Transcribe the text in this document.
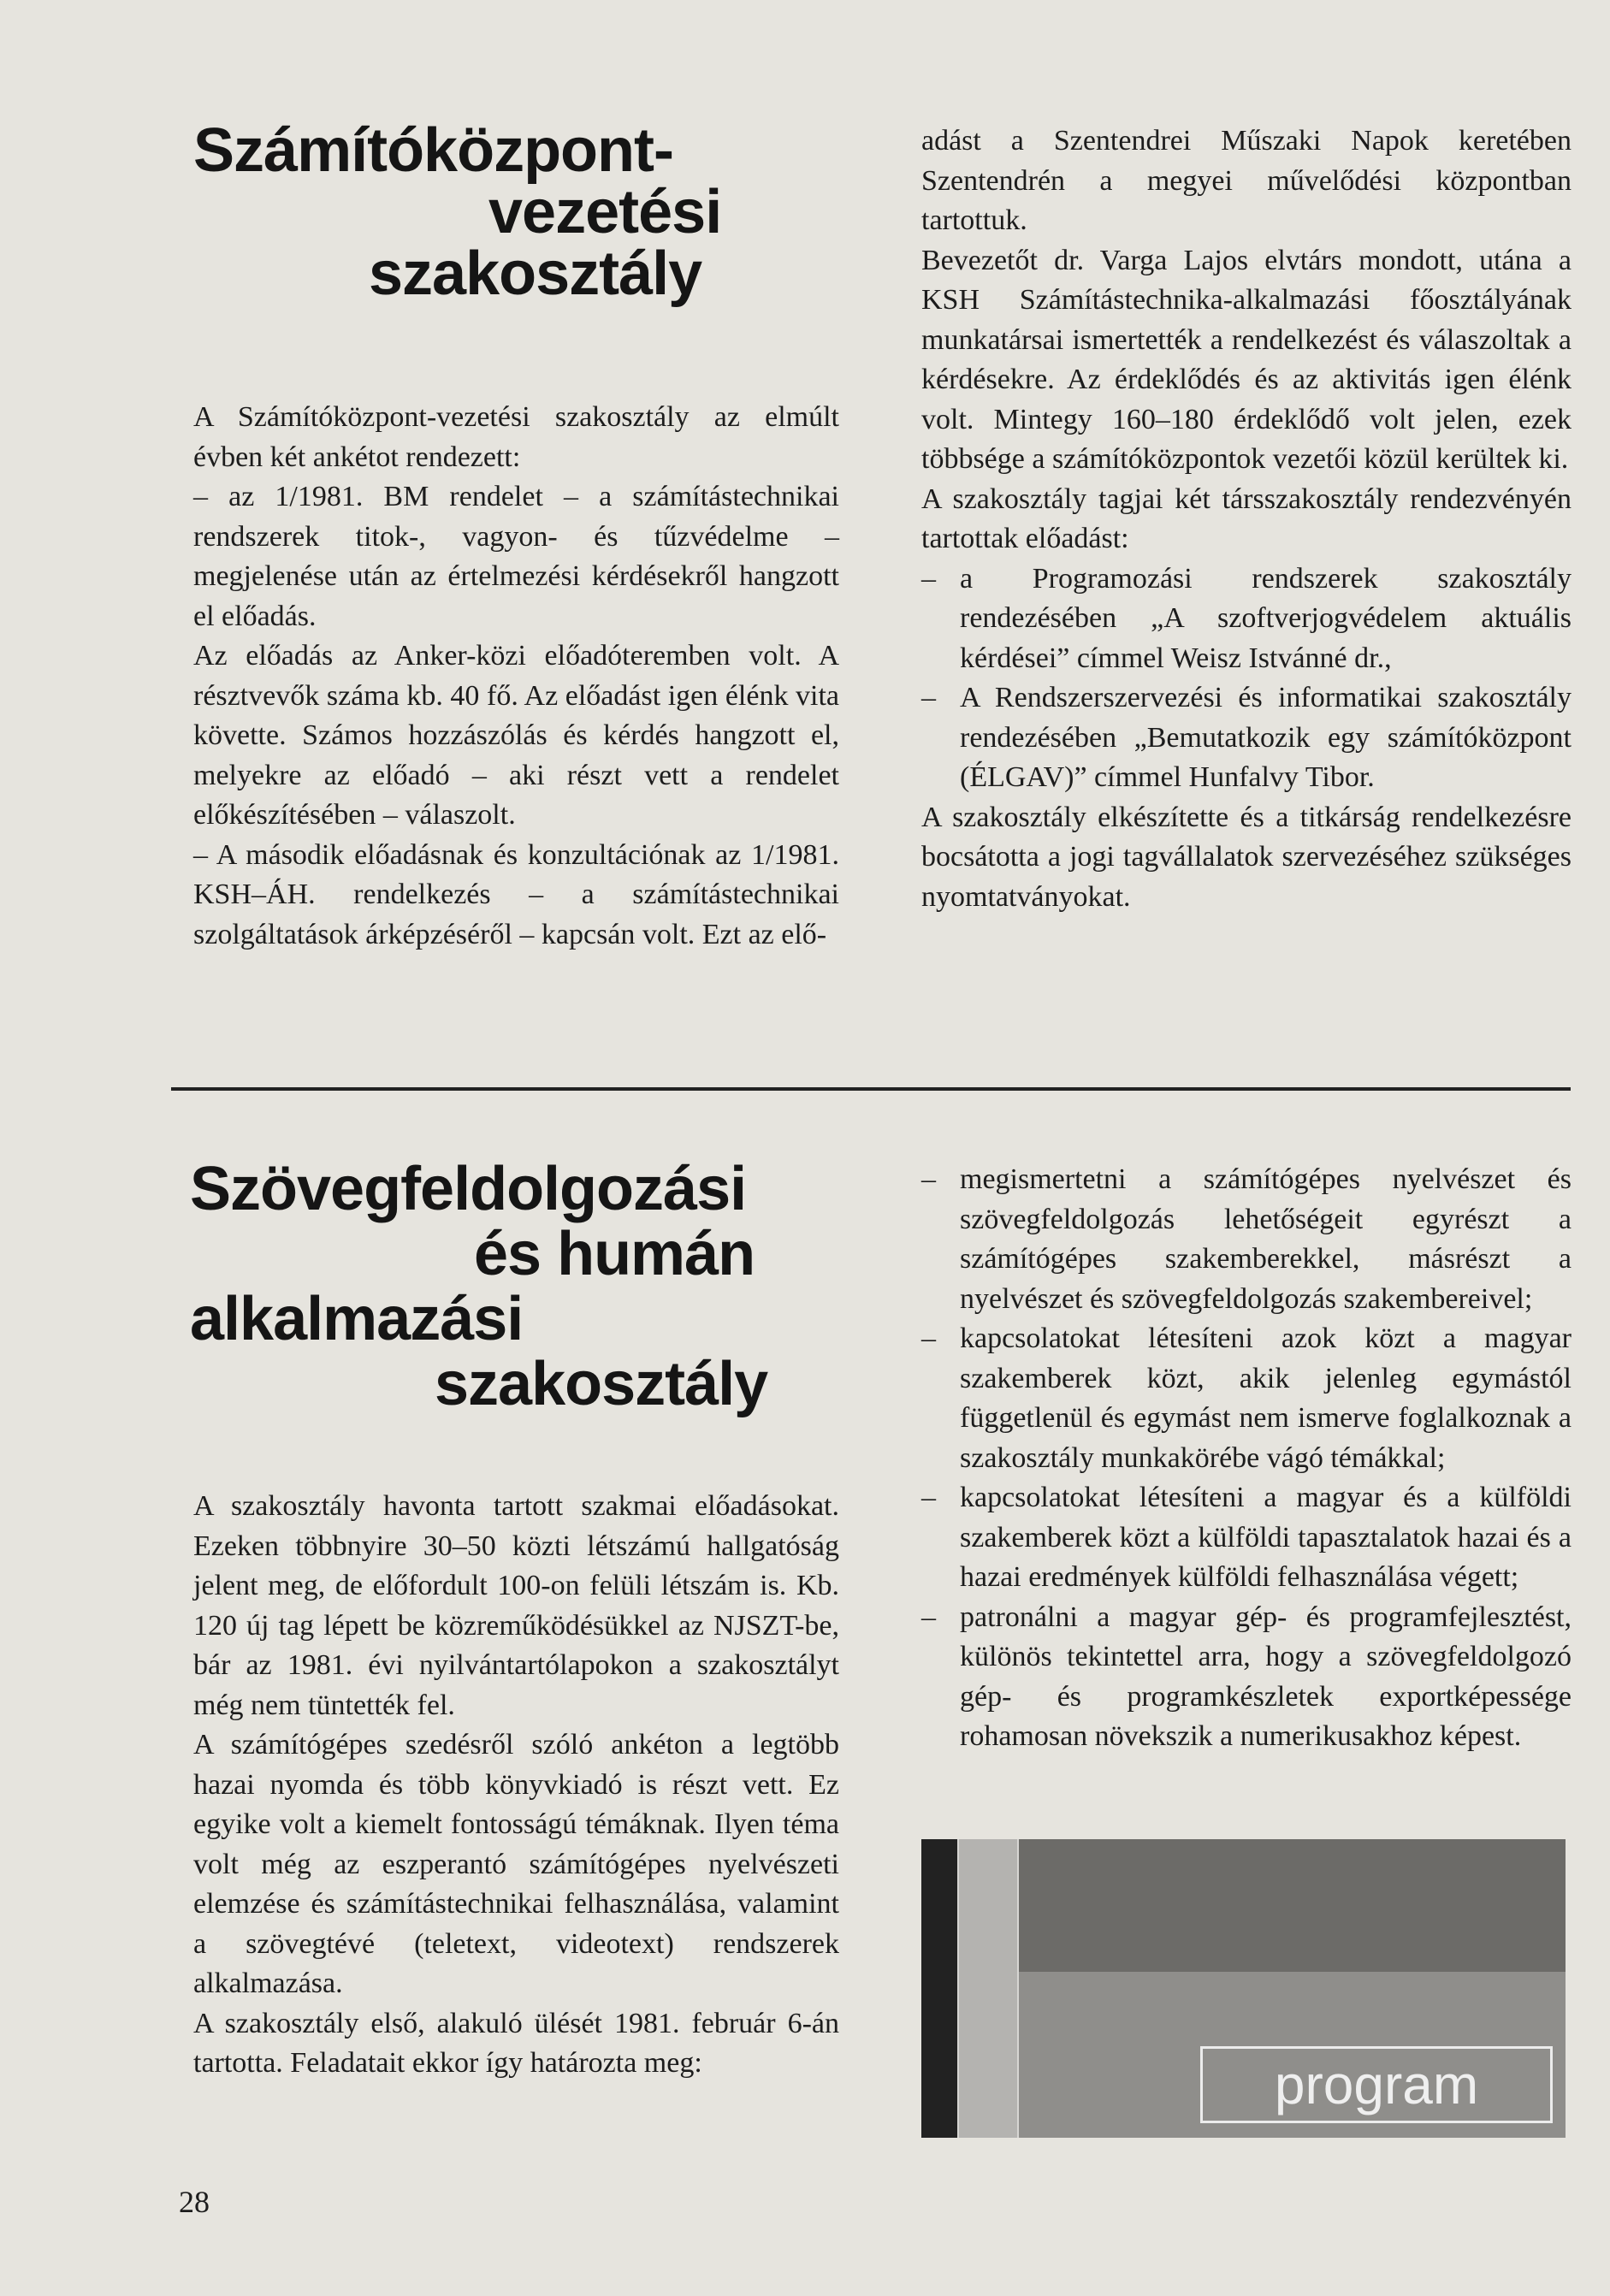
Számítóközpont-
vezetési
szakosztály

A Számítóközpont-vezetési szakosztály az elmúlt évben két ankétot rendezett:

– az 1/1981. BM rendelet – a számítástechnikai rendszerek titok-, vagyon- és tűzvédelme – megjelenése után az értelmezési kérdésekről hangzott el előadás.

Az előadás az Anker-közi előadóteremben volt. A résztvevők száma kb. 40 fő. Az előadást igen élénk vita követte. Számos hozzászólás és kérdés hangzott el, melyekre az előadó – aki részt vett a rendelet előkészítésében – válaszolt.

– A második előadásnak és konzultációnak az 1/1981. KSH–ÁH. rendelkezés – a számítástechnikai szolgáltatások árképzéséről – kapcsán volt. Ezt az elő-

adást a Szentendrei Műszaki Napok keretében Szentendrén a megyei művelődési központban tartottuk.

Bevezetőt dr. Varga Lajos elvtárs mondott, utána a KSH Számítástechnika-alkalmazási főosztályának munkatársai ismertették a rendelkezést és válaszoltak a kérdésekre. Az érdeklődés és az aktivitás igen élénk volt. Mintegy 160–180 érdeklődő volt jelen, ezek többsége a számítóközpontok vezetői közül kerültek ki.

A szakosztály tagjai két társszakosztály rendezvényén tartottak előadást:

– a Programozási rendszerek szakosztály rendezésében „A szoftverjogvédelem aktuális kérdései” címmel Weisz Istvánné dr.,

– A Rendszerszervezési és informatikai szakosztály rendezésében „Bemutatkozik egy számítóközpont (ÉLGAV)” címmel Hunfalvy Tibor.

A szakosztály elkészítette és a titkárság rendelkezésre bocsátotta a jogi tagvállalatok szervezéséhez szükséges nyomtatványokat.

Szövegfeldolgozási
és humán
alkalmazási
szakosztály

A szakosztály havonta tartott szakmai előadásokat. Ezeken többnyire 30–50 közti létszámú hallgatóság jelent meg, de előfordult 100-on felüli létszám is. Kb. 120 új tag lépett be közreműködésükkel az NJSZT-be, bár az 1981. évi nyilvántartólapokon a szakosztályt még nem tüntették fel.

A számítógépes szedésről szóló ankéton a legtöbb hazai nyomda és több könyvkiadó is részt vett. Ez egyike volt a kiemelt fontosságú témáknak. Ilyen téma volt még az eszperantó számítógépes nyelvészeti elemzése és számítástechnikai felhasználása, valamint a szövegtévé (teletext, videotext) rendszerek alkalmazása.

A szakosztály első, alakuló ülését 1981. február 6-án tartotta. Feladatait ekkor így határozta meg:

– megismertetni a számítógépes nyelvészet és szövegfeldolgozás lehetőségeit egyrészt a számítógépes szakemberekkel, másrészt a nyelvészet és szövegfeldolgozás szakembereivel;

– kapcsolatokat létesíteni azok közt a magyar szakemberek közt, akik jelenleg egymástól függetlenül és egymást nem ismerve foglalkoznak a szakosztály munkakörébe vágó témákkal;

– kapcsolatokat létesíteni a magyar és a külföldi szakemberek közt a külföldi tapasztalatok hazai és a hazai eredmények külföldi felhasználása végett;

– patronálni a magyar gép- és programfejlesztést, különös tekintettel arra, hogy a szövegfeldolgozó gép- és programkészletek exportképessége rohamosan növekszik a numerikusakhoz képest.

program
28
